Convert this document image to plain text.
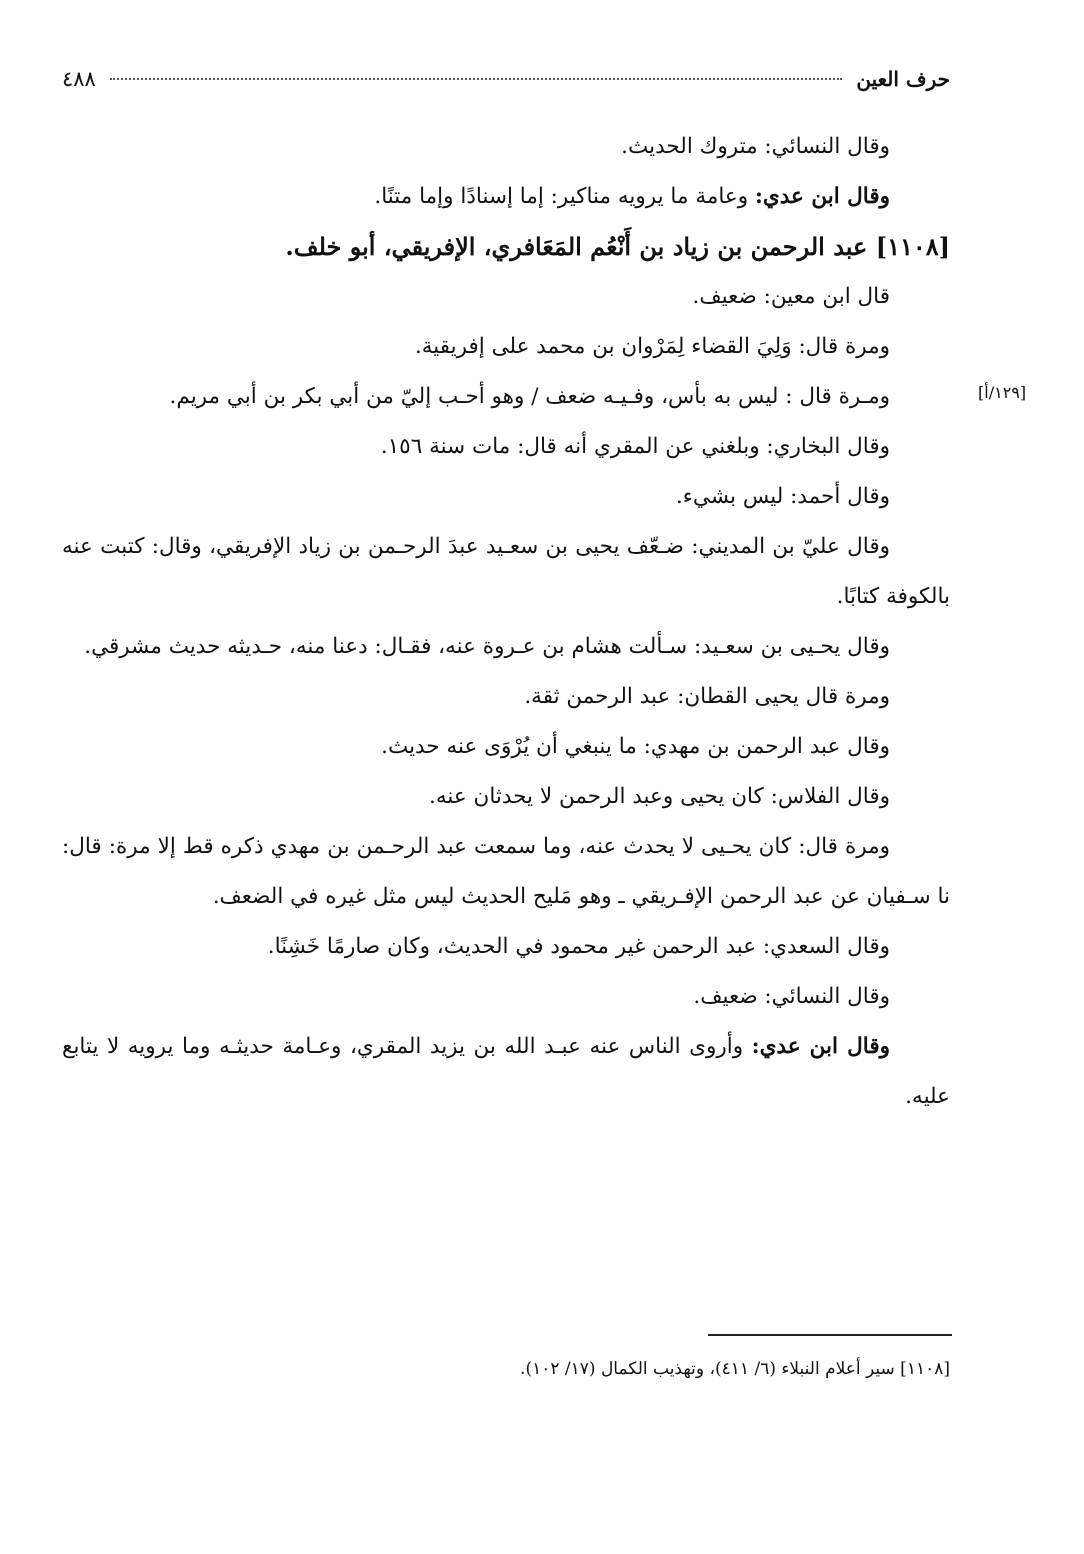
٤٨٨	حرف العين
[١٢٩/أ]

وقال النسائي: متروك الحديث.

وقال ابن عدي: وعامة ما يرويه مناكير: إما إسنادًا وإما متنًا.

[١١٠٨] عبد الرحمن بن زياد بن أَنْعُم المَعَافري، الإفريقي، أبو خلف.

قال ابن معين: ضعيف.

ومرة قال: وَلِيَ القضاء لِمَرْوان بن محمد على إفريقية.

ومـرة قال : ليس به بأس، وفـيـه ضعف / وهو أحـب إليّ من أبي بكر بن أبي مريم.

وقال البخاري: وبلغني عن المقري أنه قال: مات سنة ١٥٦.

وقال أحمد: ليس بشيء.

وقال عليّ بن المديني: ضـعّف يحيى بن سعـيد عبدَ الرحـمن بن زياد الإفريقي، وقال: كتبت عنه بالكوفة كتابًا.

وقال يحـيى بن سعـيد: سـألت هشام بن عـروة عنه، فقـال: دعنا منه، حـديثه حديث مشرقي.

ومرة قال يحيى القطان: عبد الرحمن ثقة.

وقال عبد الرحمن بن مهدي: ما ينبغي أن يُرْوَى عنه حديث.

وقال الفلاس: كان يحيى وعبد الرحمن لا يحدثان عنه.

ومرة قال: كان يحـيى لا يحدث عنه، وما سمعت عبد الرحـمن بن مهدي ذكره قط إلا مرة: قال: نا سـفيان عن عبد الرحمن الإفـريقي ـ وهو مَليح الحديث ليس مثل غيره في الضعف.

وقال السعدي: عبد الرحمن غير محمود في الحديث، وكان صارمًا خَشِنًا.

وقال النسائي: ضعيف.

وقال ابن عدي: وأروى الناس عنه عبـد الله بن يزيد المقري، وعـامة حديثـه وما يرويه لا يتابع عليه.

[١١٠٨] سير أعلام النبلاء (٦/ ٤١١)، وتهذيب الكمال (١٧/ ١٠٢).
